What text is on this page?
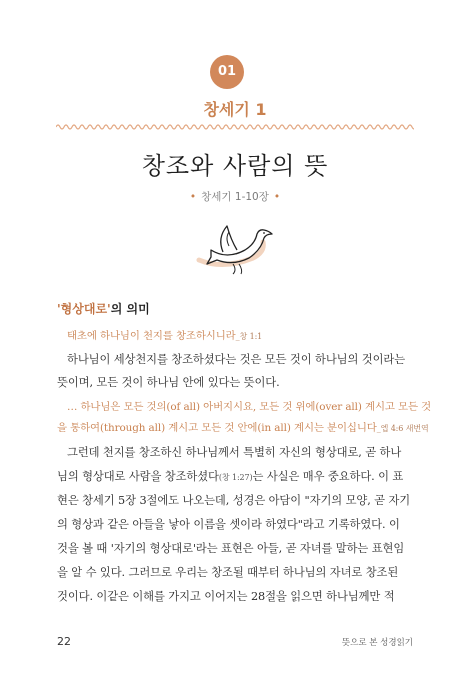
01
창세기 1
창조와 사람의 뜻
• 창세기 1-10장 •
'형상대로'의 의미
태초에 하나님이 천지를 창조하시니라_창 1:1
하나님이 세상천지를 창조하셨다는 것은 모든 것이 하나님의 것이라는
뜻이며, 모든 것이 하나님 안에 있다는 뜻이다.
… 하나님은 모든 것의(of all) 아버지시요, 모든 것 위에(over all) 계시고 모든 것
을 통하여(through all) 계시고 모든 것 안에(in all) 계시는 분이십니다_엡 4:6 새번역
그런데 천지를 창조하신 하나님께서 특별히 자신의 형상대로, 곧 하나
님의 형상대로 사람을 창조하셨다(창 1:27)는 사실은 매우 중요하다. 이 표
현은 창세기 5장 3절에도 나오는데, 성경은 아담이 "자기의 모양, 곧 자기
의 형상과 같은 아들을 낳아 이름을 셋이라 하였다"라고 기록하였다. 이
것을 볼 때 '자기의 형상대로'라는 표현은 아들, 곧 자녀를 말하는 표현임
을 알 수 있다. 그러므로 우리는 창조될 때부터 하나님의 자녀로 창조된
것이다. 이같은 이해를 가지고 이어지는 28절을 읽으면 하나님께만 적
22	뜻으로 본 성경읽기
